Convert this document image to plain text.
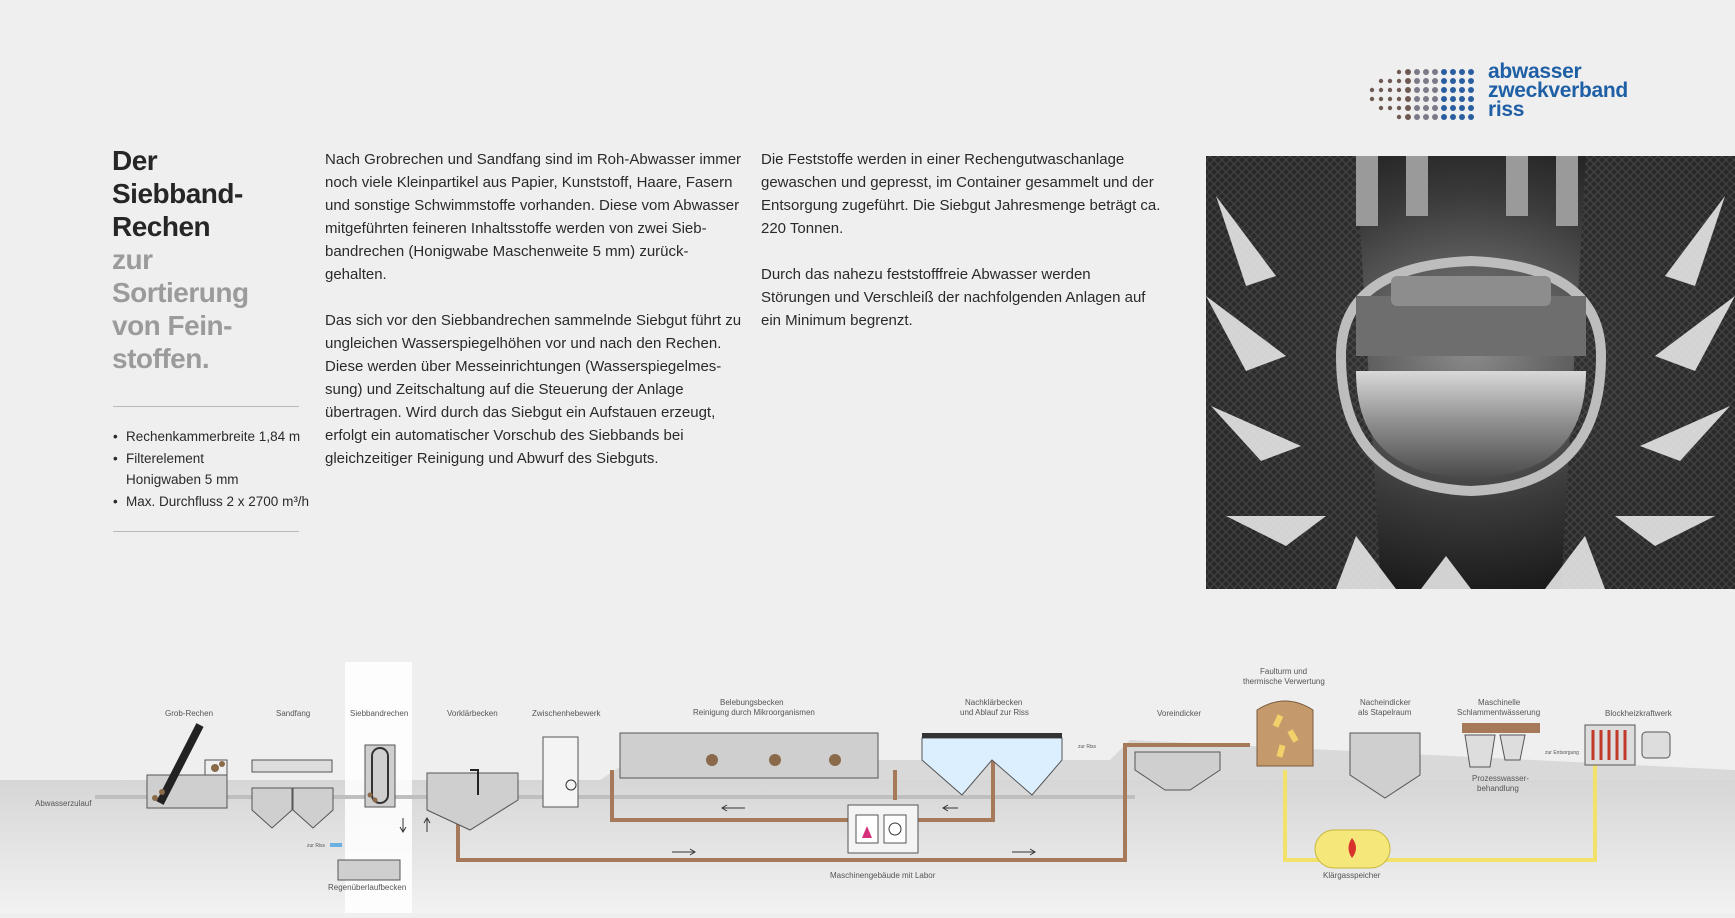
abwasser
zweckverband
riss
Der
Siebband-
Rechen
zur
Sortierung
von Fein-
stoffen.
• Rechenkammerbreite 1,84 m
• Filterelement
Honigwaben 5 mm
• Max. Durchfluss 2 x 2700 m³/h

Nach Grobrechen und Sandfang sind im Roh-Abwasser immer noch viele Kleinpartikel aus Papier, Kunststoff, Haare, Fasern und sonstige Schwimmstoffe vorhanden. Diese vom Abwasser mitgeführten feineren Inhaltsstoffe werden von zwei Siebbandrechen (Honigwabe Maschenweite 5 mm) zurückgehalten.

Das sich vor den Siebbandrechen sammelnde Siebgut führt zu ungleichen Wasserspiegelhöhen vor und nach den Rechen. Diese werden über Messeinrichtungen (Wasserspiegelmessung) und Zeitschaltung auf die Steuerung der Anlage übertragen. Wird durch das Siebgut ein Aufstauen erzeugt, erfolgt ein automatischer Vorschub des Siebbands bei gleichzeitiger Reinigung und Abwurf des Siebguts.

Die Feststoffe werden in einer Rechengutwaschanlage gewaschen und gepresst, im Container gesammelt und der Entsorgung zugeführt. Die Siebgut Jahresmenge beträgt ca. 220 Tonnen.

Durch das nahezu feststofffreie Abwasser werden Störungen und Verschleiß der nachfolgenden Anlagen auf ein Minimum begrenzt.

Abwasserzulauf
Grob-Rechen	Sandfang	Siebbandrechen	Vorklärbecken	Zwischenhebewerk
Belebungsbecken
Reinigung durch Mikroorganismen
Nachklärbecken
und Ablauf zur Riss	Voreindicker
Faulturm und
thermische Verwertung
Nacheindicker
als Stapelraum
Maschinelle
Schlammentwässerung	Blockheizkraftwerk
Prozesswasser-
behandlung
Regenüberlaufbecken
Maschinengebäude mit Labor	Klärgasspeicher
zur Riss
zur Riss
zur Entsorgung
